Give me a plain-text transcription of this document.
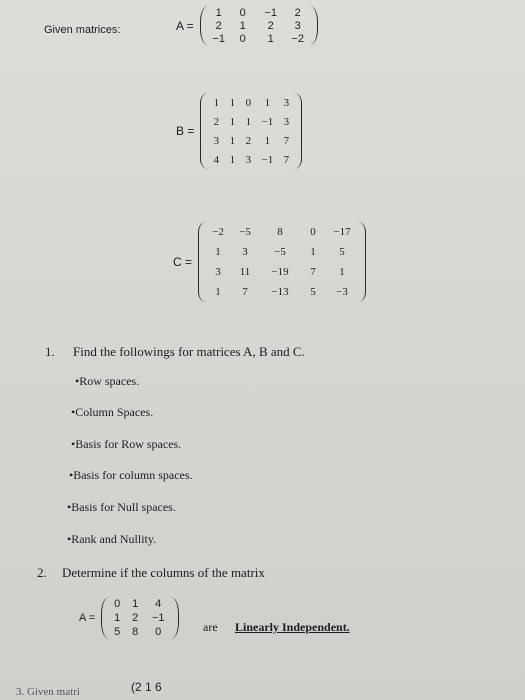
Given matrices:	A =
1	0	−1	2
2	1	2	3
−1	0	1	−2
B =
1	1	0	1	3
2	1	1	−1	3
3	1	2	1	7
4	1	3	−1	7
C =
−2	−5	8	0	−17
1	3	−5	1	5
3	11	−19	7	1
1	7	−13	5	−3
1. Find the followings for matrices A, B and C.
•Row spaces.
•Column Spaces.
•Basis for Row spaces.
•Basis for column spaces.
•Basis for Null spaces.
•Rank and Nullity.
2. Determine if the columns of the matrix
A =
0	1	4
1	2	−1
5	8	0	are Linearly Independent.
3. Given matri	(2 1 6
